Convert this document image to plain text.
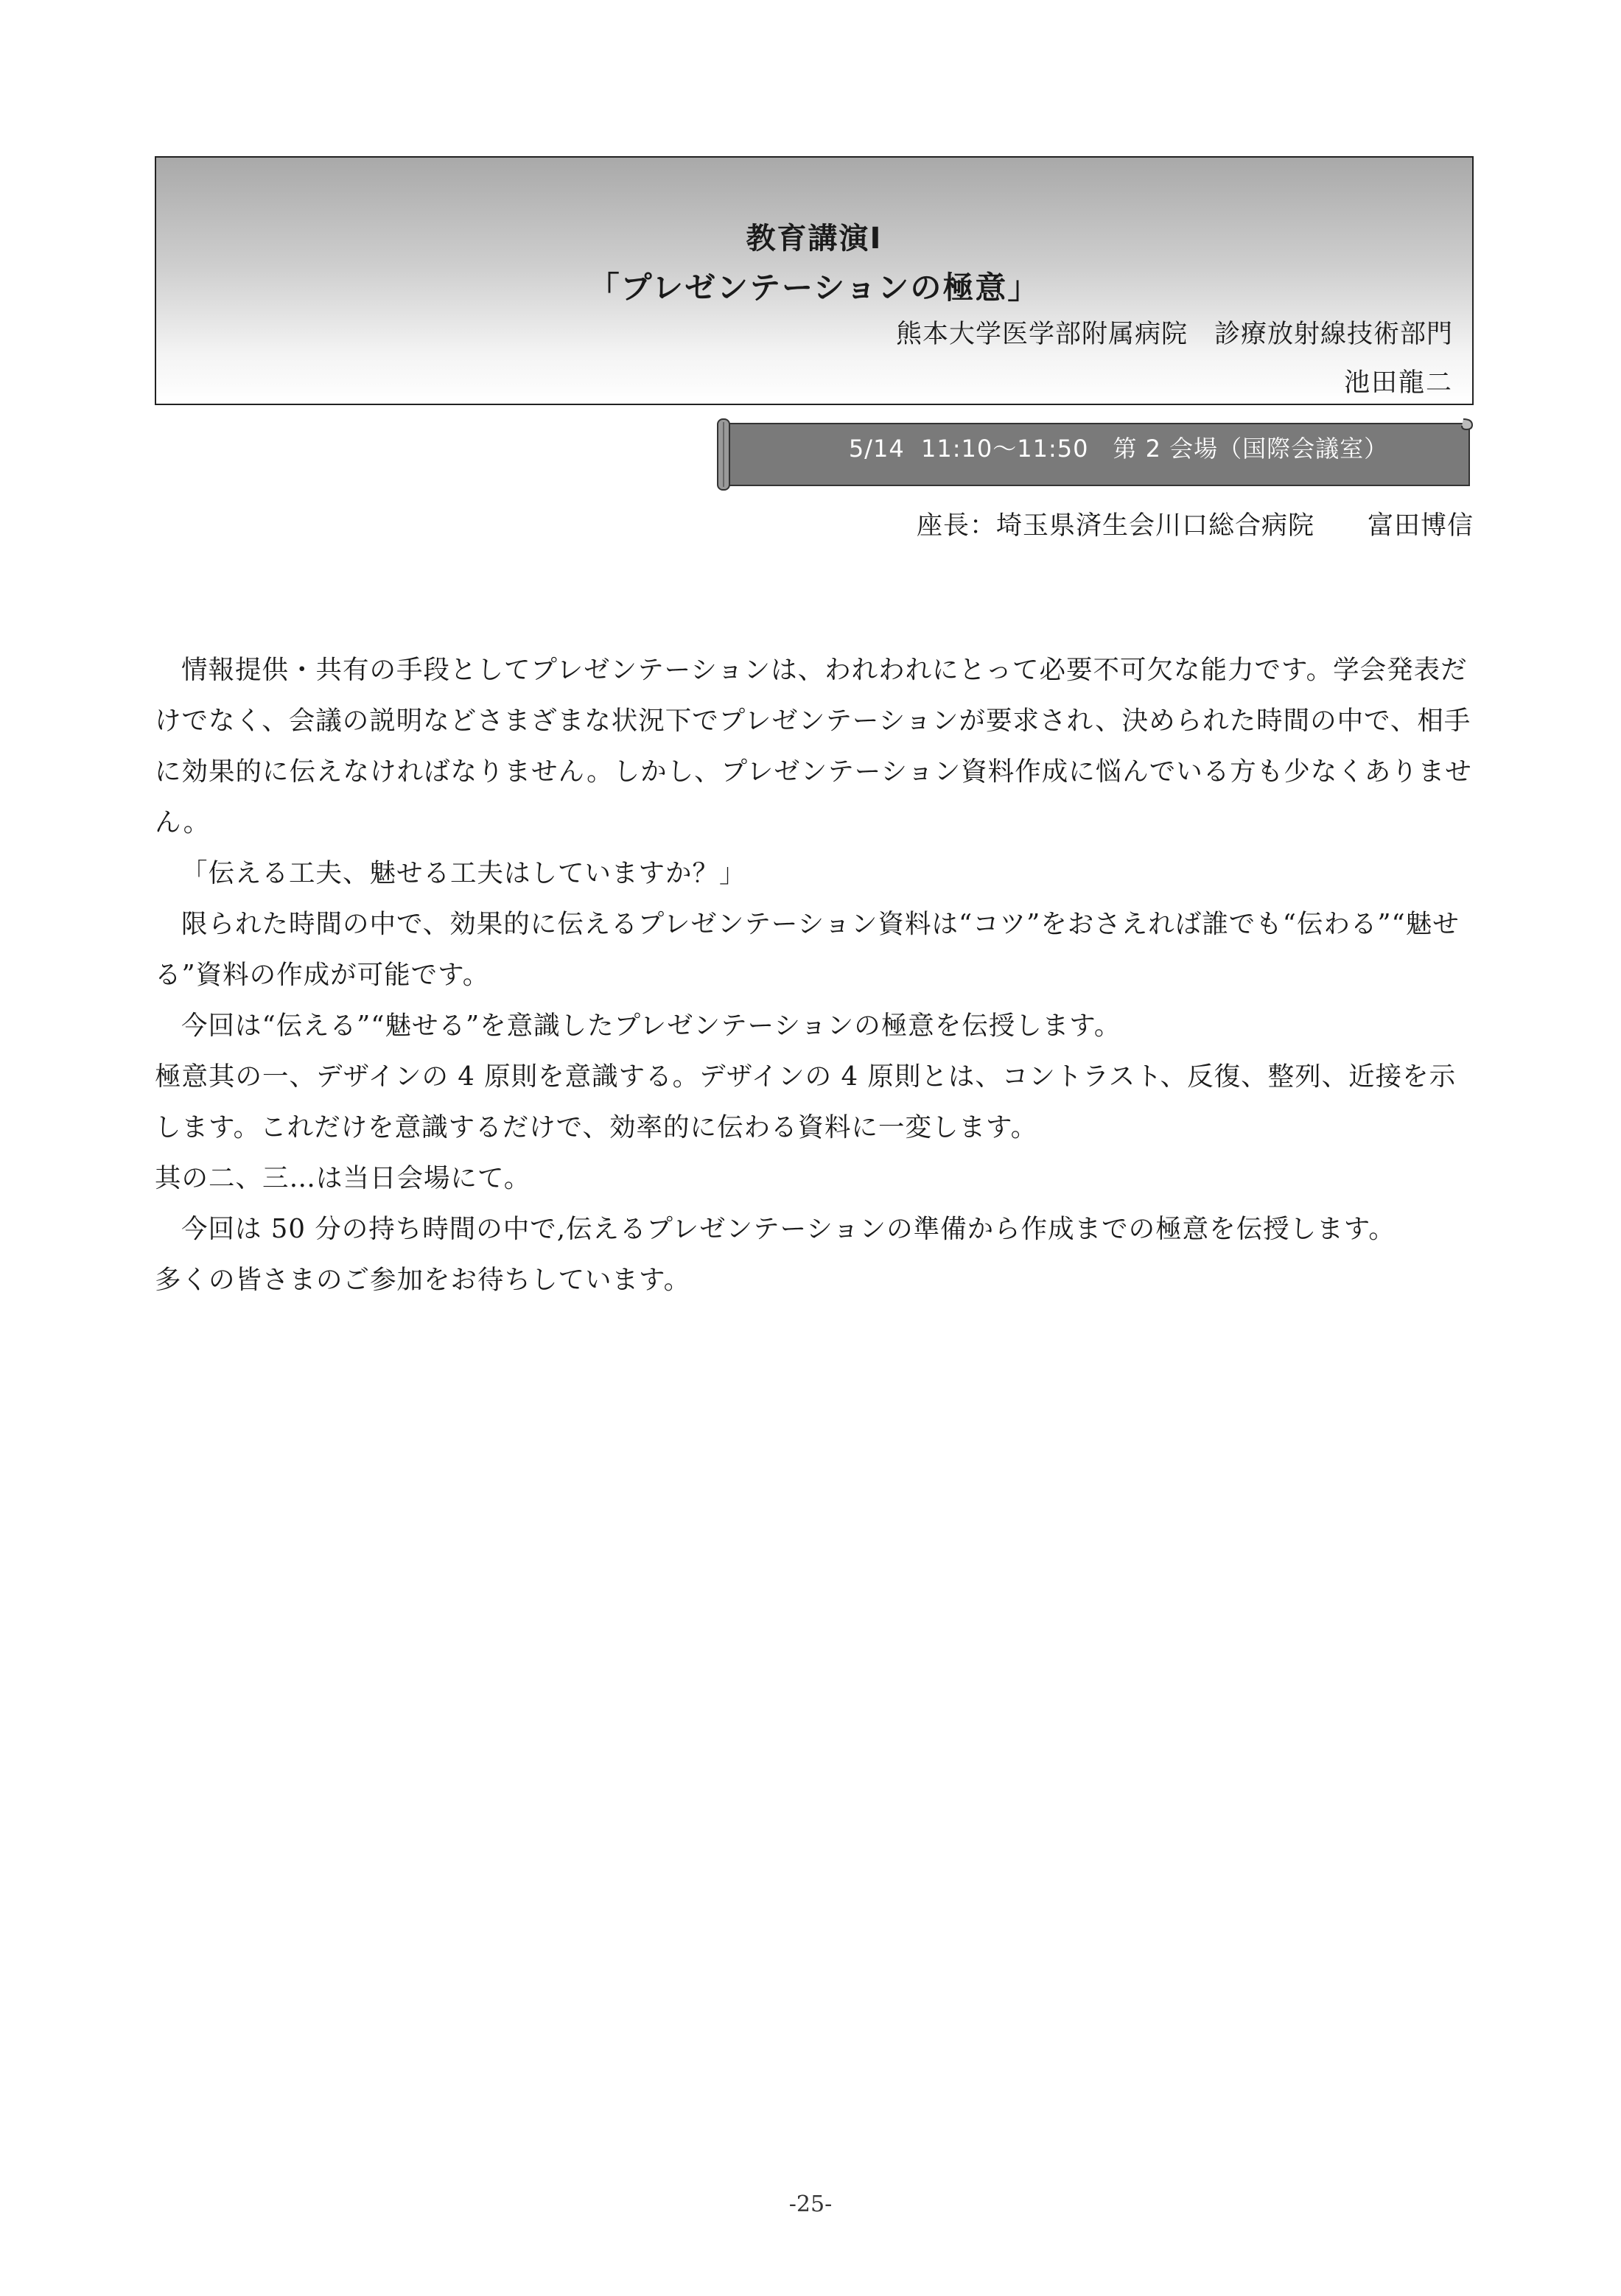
教育講演Ⅰ
「プレゼンテーションの極意」
熊本大学医学部附属病院　診療放射線技術部門
池田龍二
5/14  11:10〜11:50　第 2 会場（国際会議室）
座長：埼玉県済生会川口総合病院　　富田博信

情報提供・共有の手段としてプレゼンテーションは、われわれにとって必要不可欠な能力です。学会発表だけでなく、会議の説明などさまざまな状況下でプレゼンテーションが要求され、決められた時間の中で、相手に効果的に伝えなければなりません。しかし、プレゼンテーション資料作成に悩んでいる方も少なくありません。

「伝える工夫、魅せる工夫はしていますか？」

限られた時間の中で、効果的に伝えるプレゼンテーション資料は“コツ”をおさえれば誰でも“伝わる”“魅せる”資料の作成が可能です。

今回は“伝える”“魅せる”を意識したプレゼンテーションの極意を伝授します。

極意其の一、デザインの 4 原則を意識する。デザインの 4 原則とは、コントラスト、反復、整列、近接を示します。これだけを意識するだけで、効率的に伝わる資料に一変します。

其の二、三…は当日会場にて。

今回は 50 分の持ち時間の中で,伝えるプレゼンテーションの準備から作成までの極意を伝授します。

多くの皆さまのご参加をお待ちしています。

-25-
